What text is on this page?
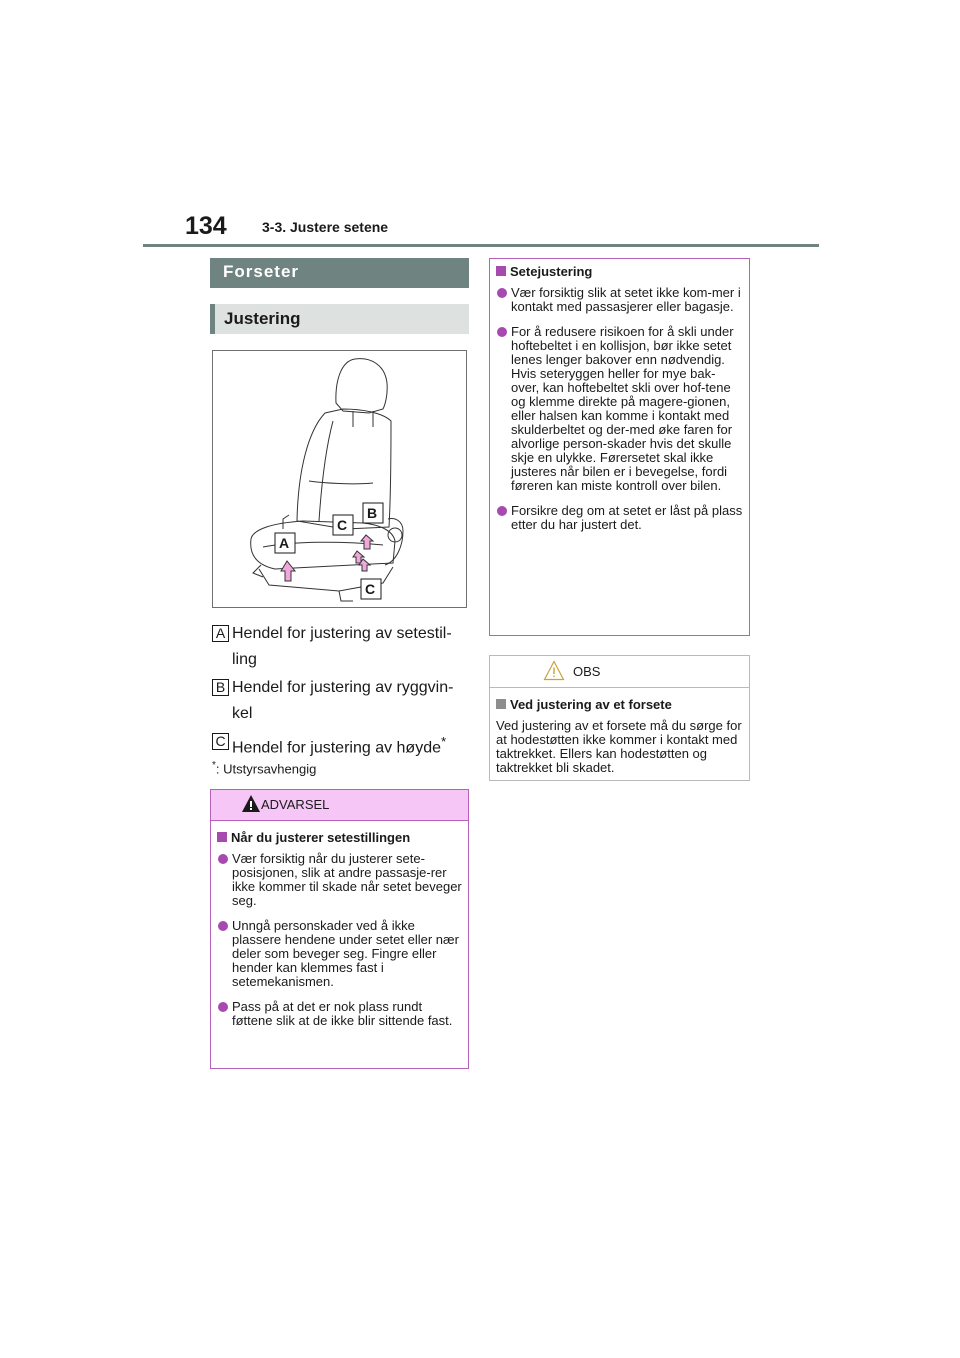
134	3-3. Justere setene
Forseter
Justering
A
B
C
C
A Hendel for justering av setestil-ling
B Hendel for justering av ryggvin-kel
C Hendel for justering av høyde*
*: Utstyrsavhengig
ADVARSEL
Når du justerer setestillingen
Vær forsiktig når du justerer sete-posisjonen, slik at andre passasje-rer ikke kommer til skade når setet beveger seg.
Unngå personskader ved å ikke plassere hendene under setet eller nær deler som beveger seg. Fingre eller hender kan klemmes fast i setemekanismen.
Pass på at det er nok plass rundt føttene slik at de ikke blir sittende fast.
Setejustering
Vær forsiktig slik at setet ikke kom-mer i kontakt med passasjerer eller bagasje.
For å redusere risikoen for å skli under hoftebeltet i en kollisjon, bør ikke setet lenes lenger bakover enn nødvendig. Hvis seteryggen heller for mye bak-over, kan hoftebeltet skli over hof-tene og klemme direkte på magere-gionen, eller halsen kan komme i kontakt med skulderbeltet og der-med øke faren for alvorlige person-skader hvis det skulle skje en ulykke. Førersetet skal ikke justeres når bilen er i bevegelse, fordi føreren kan miste kontroll over bilen.
Forsikre deg om at setet er låst på plass etter du har justert det.
OBS
Ved justering av et forsete
Ved justering av et forsete må du sørge for at hodestøtten ikke kommer i kontakt med taktrekket. Ellers kan hodestøtten og taktrekket bli skadet.
